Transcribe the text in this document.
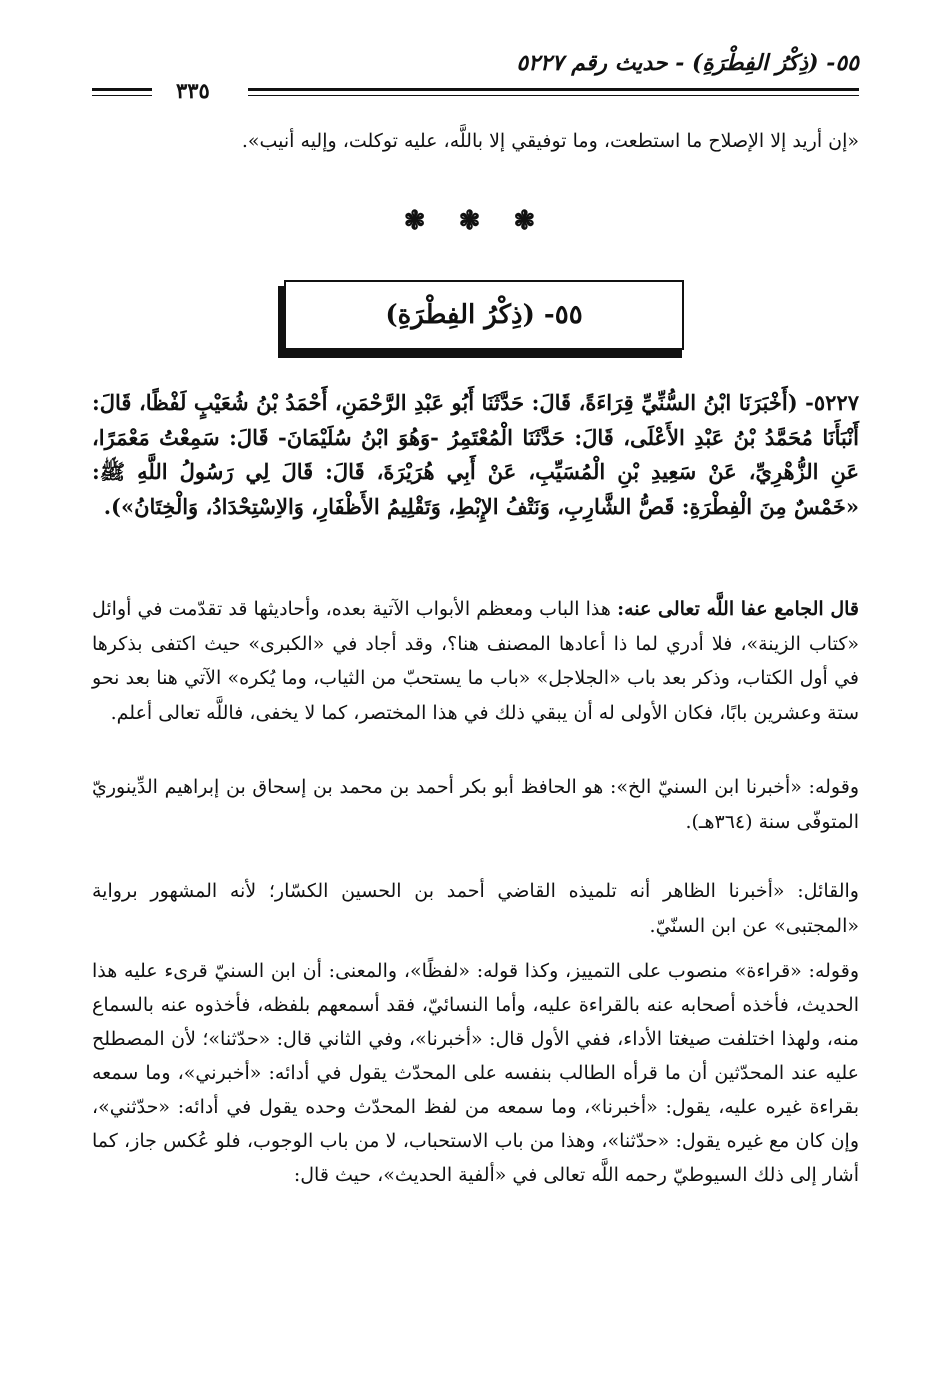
٥٥- (ذِكْرُ الفِطْرَةِ) - حديث رقم ٥٢٢٧
٣٣٥
«إن أريد إلا الإصلاح ما استطعت، وما توفيقي إلا باللَّه، عليه توكلت، وإليه أنيب».
❃ ❃ ❃
٥٥- (ذِكْرُ الفِطْرَةِ)
٥٢٢٧- (أَخْبَرَنَا ابْنُ السُّنِّيِّ قِرَاءَةً، قَالَ: حَدَّثَنَا أَبُو عَبْدِ الرَّحْمَنِ، أَحْمَدُ بْنُ شُعَيْبٍ لَفْظًا، قَالَ: أَنْبَأَنَا مُحَمَّدُ بْنُ عَبْدِ الأَعْلَى، قَالَ: حَدَّثَنَا الْمُعْتَمِرُ -وَهُوَ ابْنُ سُلَيْمَانَ- قَالَ: سَمِعْتُ مَعْمَرًا، عَنِ الزُّهْرِيِّ، عَنْ سَعِيدِ بْنِ الْمُسَيِّبِ، عَنْ أَبِي هُرَيْرَةَ، قَالَ: قَالَ لِي رَسُولُ اللَّهِ ﷺ: «خَمْسٌ مِنَ الْفِطْرَةِ: قَصُّ الشَّارِبِ، وَنَتْفُ الإِبْطِ، وَتَقْلِيمُ الأَظْفَارِ، وَالاِسْتِحْدَادُ، وَالْخِتَانُ»).
قال الجامع عفا اللَّه تعالى عنه: هذا الباب ومعظم الأبواب الآتية بعده، وأحاديثها قد تقدّمت في أوائل «كتاب الزينة»، فلا أدري لما ذا أعادها المصنف هنا؟، وقد أجاد في «الكبرى» حيث اكتفى بذكرها في أول الكتاب، وذكر بعد باب «الجلاجل» «باب ما يستحبّ من الثياب، وما يُكره» الآتي هنا بعد نحو ستة وعشرين بابًا، فكان الأولى له أن يبقي ذلك في هذا المختصر، كما لا يخفى، فاللَّه تعالى أعلم.
وقوله: «أخبرنا ابن السنيّ الخ»: هو الحافظ أبو بكر أحمد بن محمد بن إسحاق بن إبراهيم الدِّينوريّ المتوفّى سنة (٣٦٤هـ).
والقائل: «أخبرنا الظاهر أنه تلميذه القاضي أحمد بن الحسين الكسّار؛ لأنه المشهور برواية «المجتبى» عن ابن السنّيّ.
وقوله: «قراءة» منصوب على التمييز، وكذا قوله: «لفظًا»، والمعنى: أن ابن السنيّ قرىء عليه هذا الحديث، فأخذه أصحابه عنه بالقراءة عليه، وأما النسائيّ، فقد أسمعهم بلفظه، فأخذوه عنه بالسماع منه، ولهذا اختلفت صيغتا الأداء، ففي الأول قال: «أخبرنا»، وفي الثاني قال: «حدّثنا»؛ لأن المصطلح عليه عند المحدّثين أن ما قرأه الطالب بنفسه على المحدّث يقول في أدائه: «أخبرني»، وما سمعه بقراءة غيره عليه، يقول: «أخبرنا»، وما سمعه من لفظ المحدّث وحده يقول في أدائه: «حدّثني»، وإن كان مع غيره يقول: «حدّثنا»، وهذا من باب الاستحباب، لا من باب الوجوب، فلو عُكس جاز، كما أشار إلى ذلك السيوطيّ رحمه اللَّه تعالى في «ألفية الحديث»، حيث قال:
